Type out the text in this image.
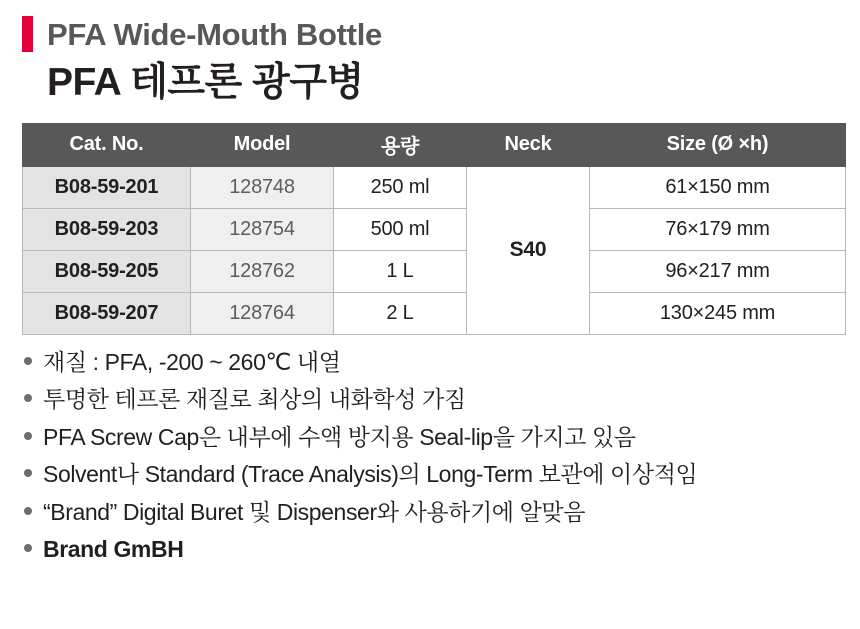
PFA Wide-Mouth Bottle
PFA 테프론 광구병
Cat. No.	Model	용량	Neck	Size (Ø ×h)
B08-59-201	128748	250 ml	S40	61×150 mm
B08-59-203	128754	500 ml		76×179 mm
B08-59-205	128762	1 L		96×217 mm
B08-59-207	128764	2 L		130×245 mm
재질 : PFA, -200 ~ 260℃ 내열
투명한 테프론 재질로 최상의 내화학성 가짐
PFA Screw Cap은 내부에 수액 방지용 Seal-lip을 가지고 있음
Solvent나 Standard (Trace Analysis)의 Long-Term 보관에 이상적임
“Brand” Digital Buret 및 Dispenser와 사용하기에 알맞음
Brand GmBH
